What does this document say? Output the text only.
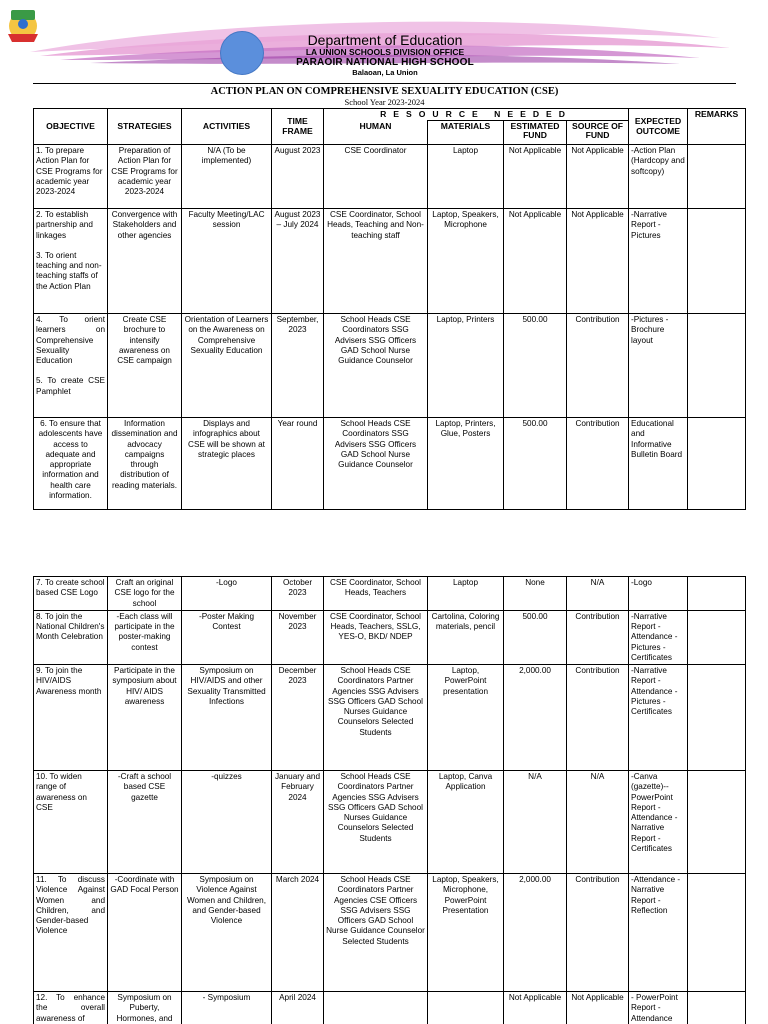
Department of Education
LA UNION SCHOOLS DIVISION OFFICE
PARAOIR NATIONAL HIGH SCHOOL
Balaoan, La Union
ACTION PLAN ON COMPREHENSIVE SEXUALITY EDUCATION (CSE)
School Year 2023-2024
OBJECTIVE	STRATEGIES	ACTIVITIES	TIME FRAME	RESOURCE NEEDED				EXPECTED OUTCOME	REMARKS
				HUMAN	MATERIALS	ESTIMATED FUND	SOURCE OF FUND		
1. To prepare Action Plan for CSE Programs for academic year 2023-2024	Preparation of Action Plan for CSE Programs for academic year 2023-2024	N/A (To be implemented)	August 2023	CSE Coordinator	Laptop	Not Applicable	Not Applicable	-Action Plan (Hardcopy and softcopy)	

2. To establish partnership and linkages
3. To orient teaching and non-teaching staffs of the Action Plan	Convergence with Stakeholders and other agencies	Faculty Meeting/LAC session	August 2023 – July 2024	CSE Coordinator, School Heads, Teaching and Non-teaching staff	Laptop, Speakers, Microphone	Not Applicable	Not Applicable	-Narrative Report -Pictures	

4. To orient learners on Comprehensive Sexuality Education
5. To create CSE Pamphlet	Create CSE brochure to intensify awareness on CSE campaign	Orientation of Learners on the Awareness on Comprehensive Sexuality Education	September, 2023	School Heads CSE Coordinators SSG Advisers SSG Officers GAD School Nurse Guidance Counselor	Laptop, Printers	500.00	Contribution	-Pictures -Brochure layout	
6. To ensure that adolescents have access to adequate and appropriate information and health care information.	Information dissemination and advocacy campaigns through distribution of reading materials.	Displays and infographics about CSE will be shown at strategic places	Year round	School Heads CSE Coordinators SSG Advisers SSG Officers GAD School Nurse Guidance Counselor	Laptop, Printers, Glue, Posters	500.00	Contribution	Educational and Informative Bulletin Board	
7. To create school based CSE Logo	Craft an original CSE logo for the school	-Logo	October 2023	CSE Coordinator, School Heads, Teachers	Laptop	None	N/A	-Logo	
8. To join the National Children's Month Celebration	-Each class will participate in the poster-making contest	-Poster Making Contest	November 2023	CSE Coordinator, School Heads, Teachers, SSLG, YES-O, BKD/ NDEP	Cartolina, Coloring materials, pencil	500.00	Contribution	-Narrative Report -Attendance -Pictures -Certificates	
9. To join the HIV/AIDS Awareness month	Participate in the symposium about HIV/ AIDS awareness	Symposium on HIV/AIDS and other Sexuality Transmitted Infections	December 2023	School Heads CSE Coordinators Partner Agencies SSG Advisers SSG Officers GAD School Nurses Guidance Counselors Selected Students	Laptop, PowerPoint presentation	2,000.00	Contribution	-Narrative Report -Attendance -Pictures -Certificates	
10. To widen range of awareness on CSE	-Craft a school based CSE gazette	-quizzes	January and February 2024	School Heads CSE Coordinators Partner Agencies SSG Advisers SSG Officers GAD School Nurses Guidance Counselors Selected Students	Laptop, Canva Application	N/A	N/A	-Canva (gazette)-- PowerPoint Report -Attendance -Narrative Report -Certificates	
11. To discuss Violence Against Women and Children, and Gender-based Violence	-Coordinate with GAD Focal Person	Symposium on Violence Against Women and Children, and Gender-based Violence	March 2024	School Heads CSE Coordinators Partner Agencies CSE Officers SSG Advisers SSG Officers GAD School Nurse Guidance Counselor Selected Students	Laptop, Speakers, Microphone, PowerPoint Presentation	2,000.00	Contribution	-Attendance -Narrative Report -Reflection	
12. To enhance the overall awareness of	Symposium on Puberty, Hormones, and	- Symposium	April 2024			Not Applicable	Not Applicable	- PowerPoint Report -Attendance	
